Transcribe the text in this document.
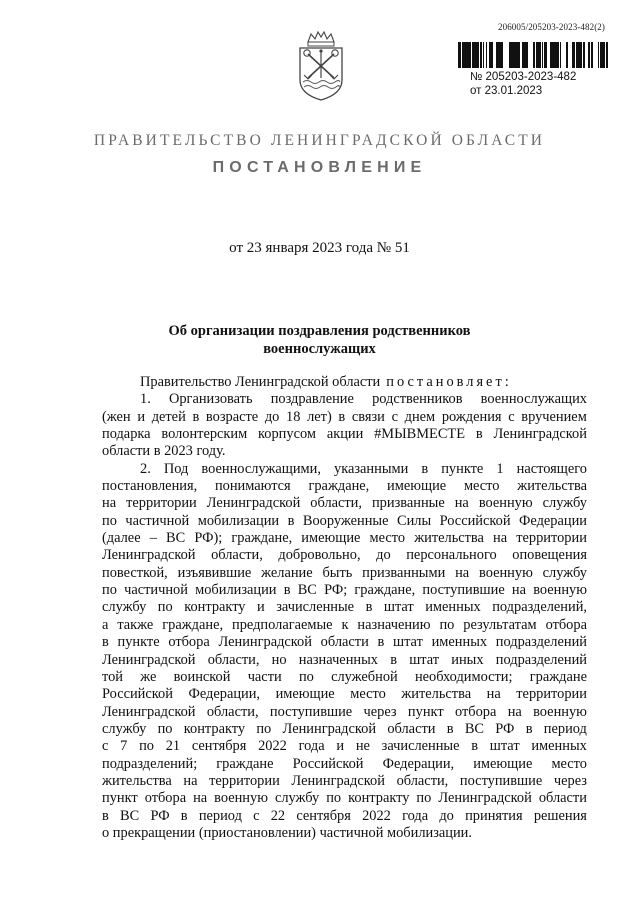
206005/205203-2023-482(2)
№ 205203-2023-482
от 23.01.2023
ПРАВИТЕЛЬСТВО ЛЕНИНГРАДСКОЙ ОБЛАСТИ
ПОСТАНОВЛЕНИЕ
от 23 января 2023 года № 51
Об организации поздравления родственников
военнослужащих
Правительство Ленинградской области постановляет:
1. Организовать поздравление родственников военнослужащих
(жен и детей в возрасте до 18 лет) в связи с днем рождения с вручением
подарка волонтерским корпусом акции #МЫВМЕСТЕ в Ленинградской
области в 2023 году.
2. Под военнослужащими, указанными в пункте 1 настоящего
постановления, понимаются граждане, имеющие место жительства
на территории Ленинградской области, призванные на военную службу
по частичной мобилизации в Вооруженные Силы Российской Федерации
(далее – ВС РФ); граждане, имеющие место жительства на территории
Ленинградской области, добровольно, до персонального оповещения
повесткой, изъявившие желание быть призванными на военную службу
по частичной мобилизации в ВС РФ; граждане, поступившие на военную
службу по контракту и зачисленные в штат именных подразделений,
а также граждане, предполагаемые к назначению по результатам отбора
в пункте отбора Ленинградской области в штат именных подразделений
Ленинградской области, но назначенных в штат иных подразделений
той же воинской части по служебной необходимости; граждане
Российской Федерации, имеющие место жительства на территории
Ленинградской области, поступившие через пункт отбора на военную
службу по контракту по Ленинградской области в ВС РФ в период
с 7 по 21 сентября 2022 года и не зачисленные в штат именных
подразделений; граждане Российской Федерации, имеющие место
жительства на территории Ленинградской области, поступившие через
пункт отбора на военную службу по контракту по Ленинградской области
в ВС РФ в период с 22 сентября 2022 года до принятия решения
о прекращении (приостановлении) частичной мобилизации.
